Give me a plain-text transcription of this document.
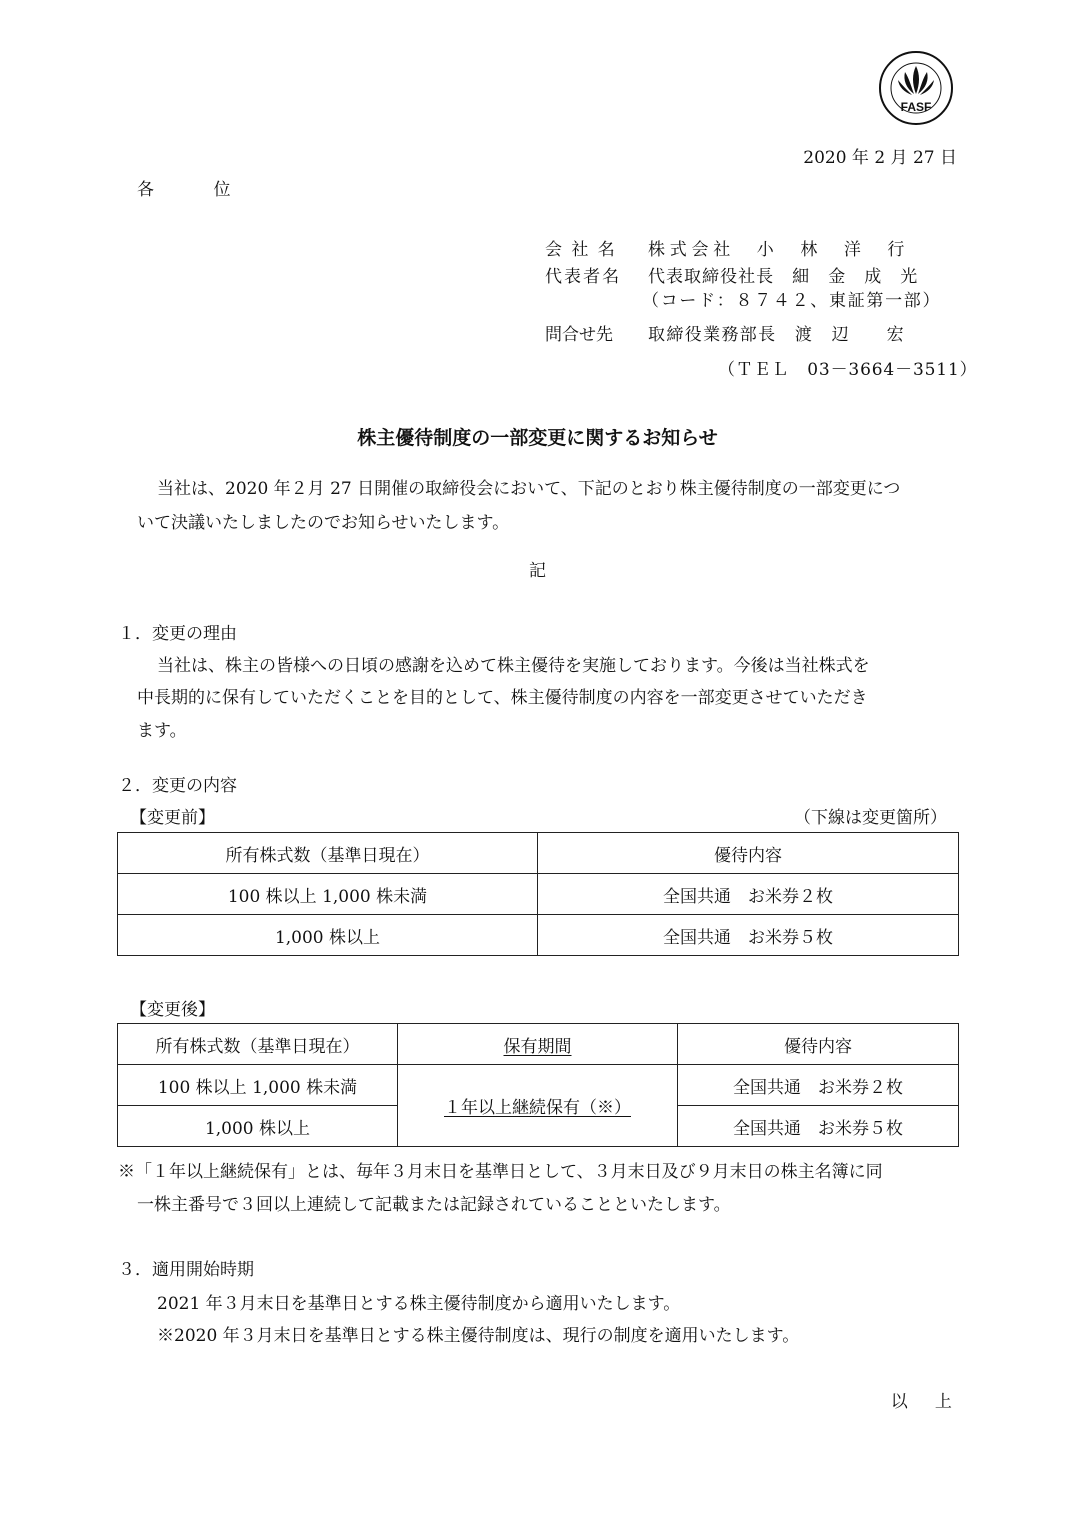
FASF
2020 年 2 月 27 日
各　　位
会社名 株式会社　小　林　洋　行
代表者名 代表取締役社長　細　金　成　光
（コード：８７４２、東証第一部）
問合せ先 取締役業務部長　渡　辺　　宏
（ＴＥＬ　03－3664－3511）
株主優待制度の一部変更に関するお知らせ
当社は、2020 年２月 27 日開催の取締役会において、下記のとおり株主優待制度の一部変更につ
いて決議いたしましたのでお知らせいたします。
記
１．変更の理由
当社は、株主の皆様への日頃の感謝を込めて株主優待を実施しております。今後は当社株式を
中長期的に保有していただくことを目的として、株主優待制度の内容を一部変更させていただき
ます。
２．変更の内容
【変更前】	（下線は変更箇所）
所有株式数（基準日現在）	優待内容
100 株以上 1,000 株未満	全国共通　お米券２枚
1,000 株以上	全国共通　お米券５枚
【変更後】
所有株式数（基準日現在）	保有期間	優待内容
100 株以上 1,000 株未満	１年以上継続保有（※）	全国共通　お米券２枚
1,000 株以上		全国共通　お米券５枚
※「１年以上継続保有」とは、毎年３月末日を基準日として、３月末日及び９月末日の株主名簿に同
一株主番号で３回以上連続して記載または記録されていることといたします。
３．適用開始時期
2021 年３月末日を基準日とする株主優待制度から適用いたします。
※2020 年３月末日を基準日とする株主優待制度は、現行の制度を適用いたします。
以　上
